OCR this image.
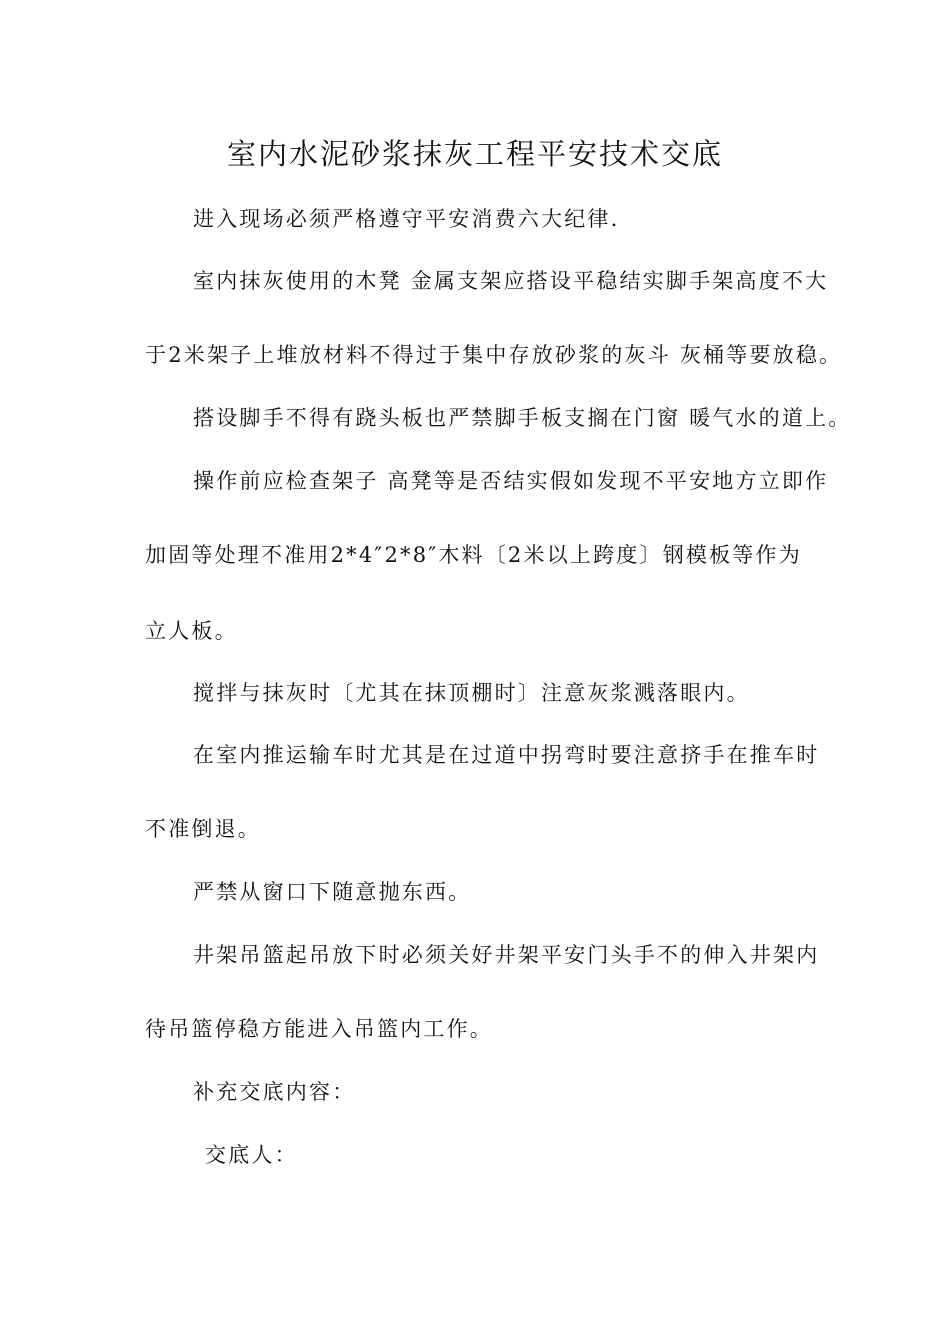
室内水泥砂浆抹灰工程平安技术交底
进入现场必须严格遵守平安消费六大纪律.
室内抹灰使用的木凳 金属支架应搭设平稳结实脚手架高度不大
于2米架子上堆放材料不得过于集中存放砂浆的灰斗 灰桶等要放稳。
搭设脚手不得有跷头板也严禁脚手板支搁在门窗 暖气水的道上。
操作前应检查架子 高凳等是否结实假如发现不平安地方立即作
加固等处理不准用2*4″2*8″木料〔2米以上跨度〕钢模板等作为
立人板。
搅拌与抹灰时〔尤其在抹顶棚时〕注意灰浆溅落眼内。
在室内推运输车时尤其是在过道中拐弯时要注意挤手在推车时
不准倒退。
严禁从窗口下随意抛东西。
井架吊篮起吊放下时必须关好井架平安门头手不的伸入井架内
待吊篮停稳方能进入吊篮内工作。
补充交底内容：
交底人：
